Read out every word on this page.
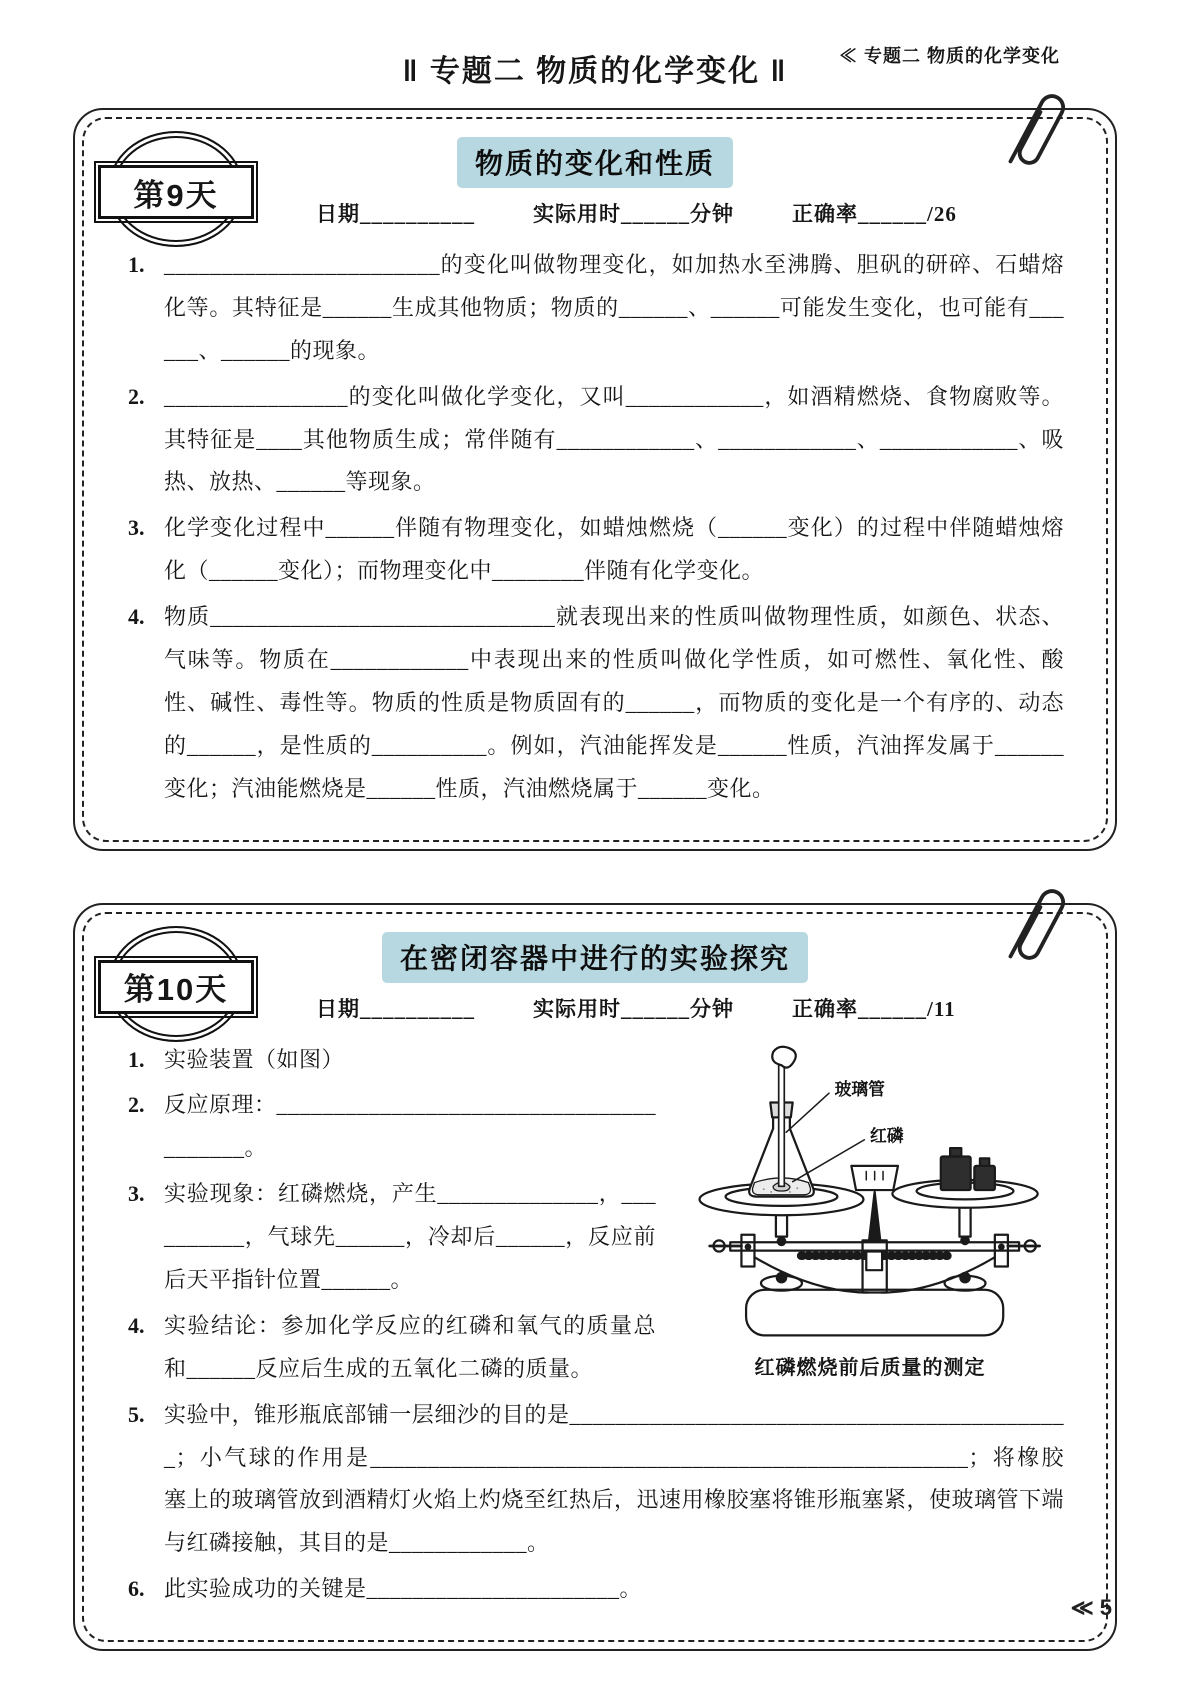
≪ 专题二 物质的化学变化
‖ 专题二 物质的化学变化 ‖
第9天
物质的变化和性质
日期__________	实际用时______分钟	正确率______/26
1. ________________________的变化叫做物理变化，如加热水至沸腾、胆矾的研碎、石蜡熔化等。其特征是______生成其他物质；物质的______、______可能发生变化，也可能有______、______的现象。
2. ________________的变化叫做化学变化，又叫____________，如酒精燃烧、食物腐败等。其特征是____其他物质生成；常伴随有____________、____________、____________、吸热、放热、______等现象。
3. 化学变化过程中______伴随有物理变化，如蜡烛燃烧（______变化）的过程中伴随蜡烛熔化（______变化）；而物理变化中________伴随有化学变化。
4. 物质______________________________就表现出来的性质叫做物理性质，如颜色、状态、气味等。物质在____________中表现出来的性质叫做化学性质，如可燃性、氧化性、酸性、碱性、毒性等。物质的性质是物质固有的______，而物质的变化是一个有序的、动态的______，是性质的__________。例如，汽油能挥发是______性质，汽油挥发属于______变化；汽油能燃烧是______性质，汽油燃烧属于______变化。
第10天
在密闭容器中进行的实验探究
日期__________	实际用时______分钟	正确率______/11
玻璃管
红磷
红磷燃烧前后质量的测定
1. 实验装置（如图）
2. 反应原理：________________________________________。
3. 实验现象：红磷燃烧，产生______________，__________，气球先______，冷却后______，反应前后天平指针位置______。
4. 实验结论：参加化学反应的红磷和氧气的质量总和______反应后生成的五氧化二磷的质量。
5. 实验中，锥形瓶底部铺一层细沙的目的是____________________________________________；小气球的作用是____________________________________________________；将橡胶塞上的玻璃管放到酒精灯火焰上灼烧至红热后，迅速用橡胶塞将锥形瓶塞紧，使玻璃管下端与红磷接触，其目的是____________。
6. 此实验成功的关键是______________________。
≪ 5
